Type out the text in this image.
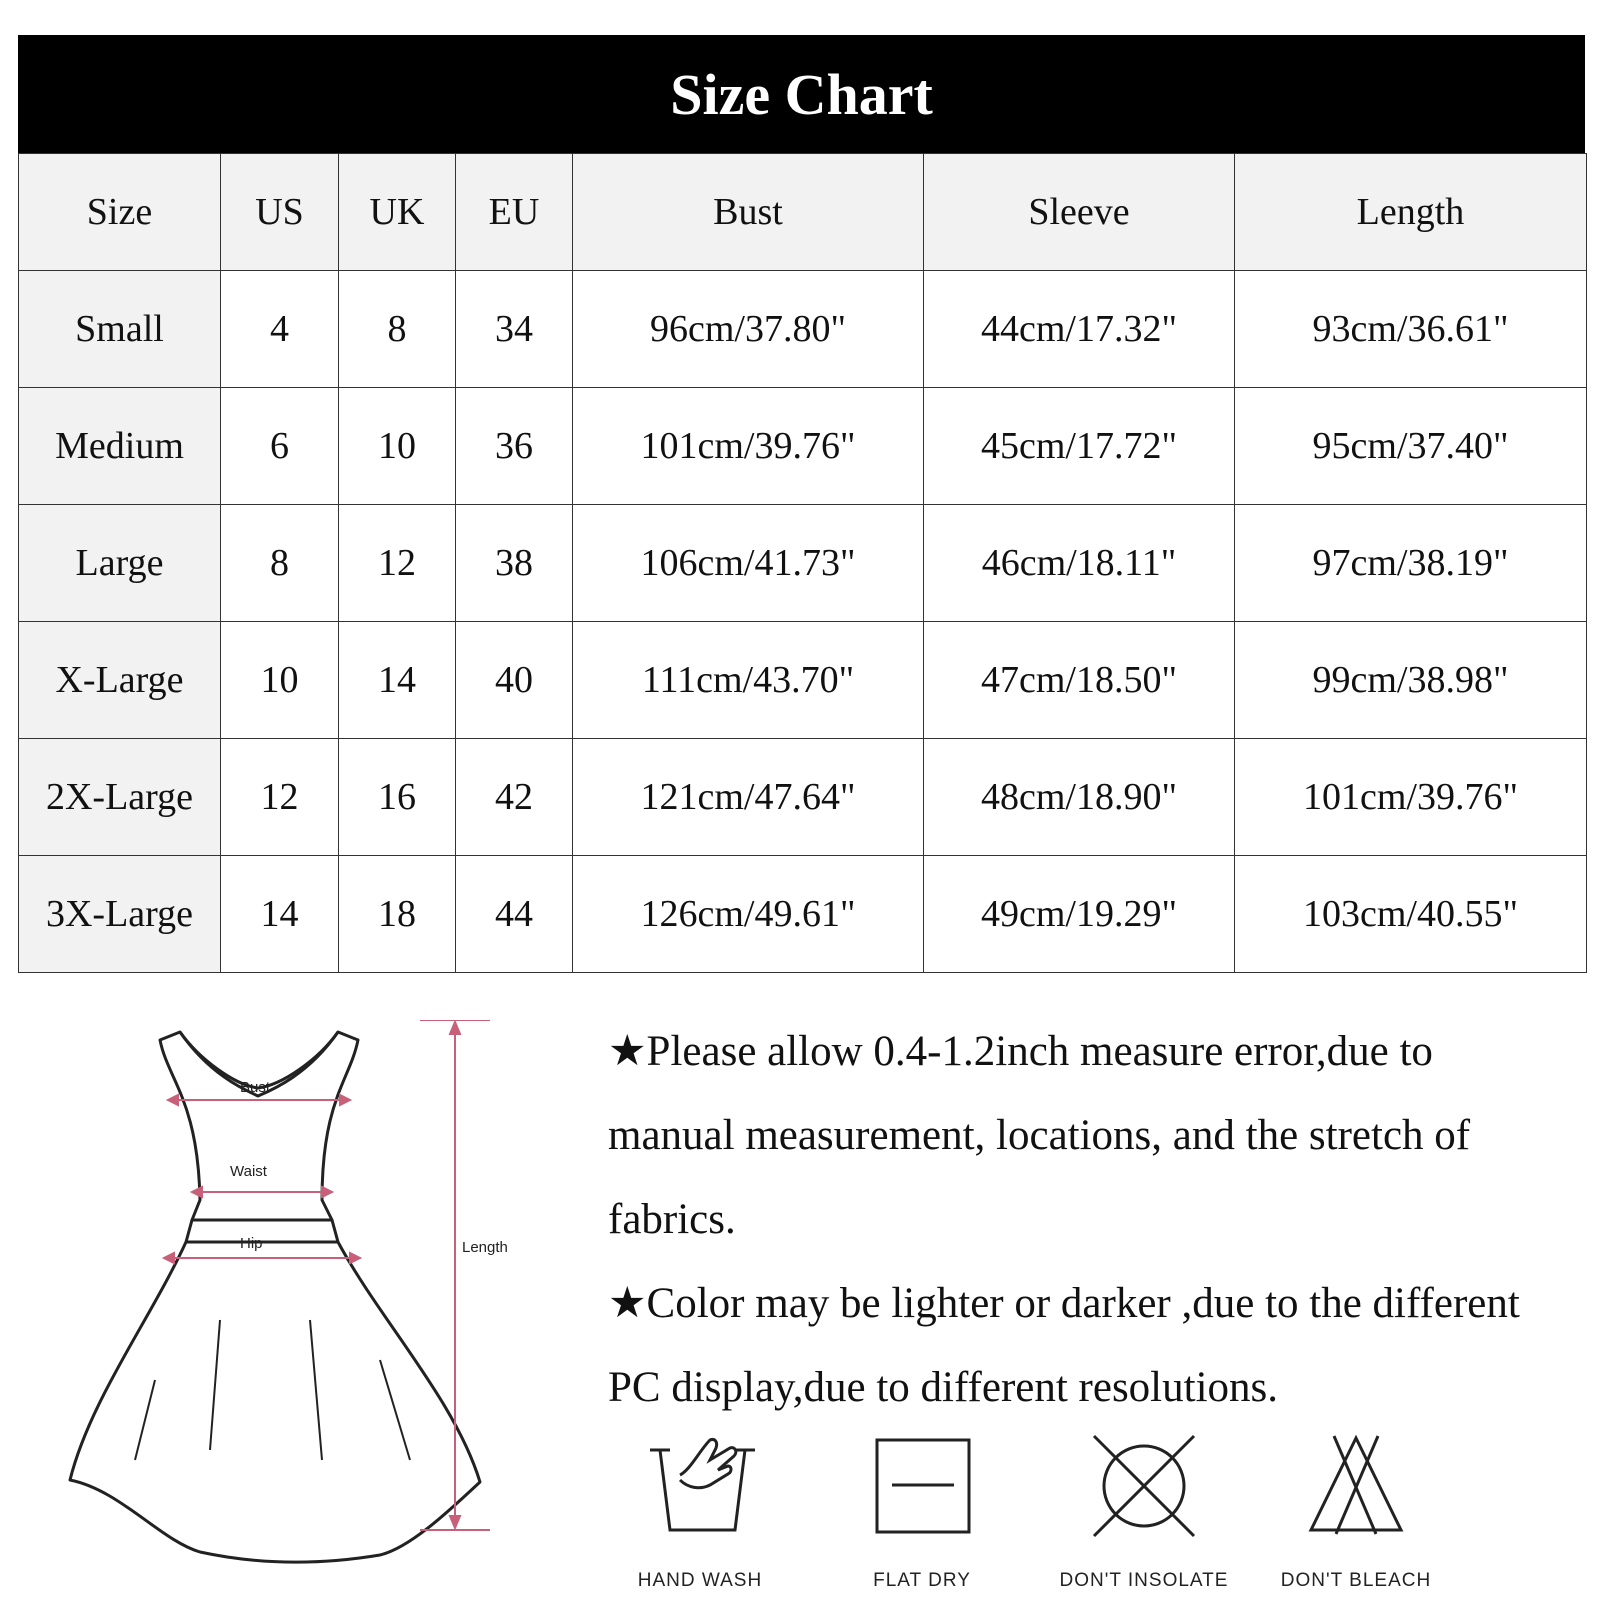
Size Chart
Size	US	UK	EU	Bust	Sleeve	Length
Small	4	8	34	96cm/37.80"	44cm/17.32"	93cm/36.61"
Medium	6	10	36	101cm/39.76"	45cm/17.72"	95cm/37.40"
Large	8	12	38	106cm/41.73"	46cm/18.11"	97cm/38.19"
X-Large	10	14	40	111cm/43.70"	47cm/18.50"	99cm/38.98"
2X-Large	12	16	42	121cm/47.64"	48cm/18.90"	101cm/39.76"
3X-Large	14	18	44	126cm/49.61"	49cm/19.29"	103cm/40.55"
Bust
Waist
Hip	Length

★Please allow 0.4-1.2inch measure error,due to manual measurement, locations, and the stretch of fabrics.

★Color may be lighter or darker ,due to the different PC display,due to different resolutions.

HAND WASH	FLAT DRY	DON'T INSOLATE	DON'T BLEACH
